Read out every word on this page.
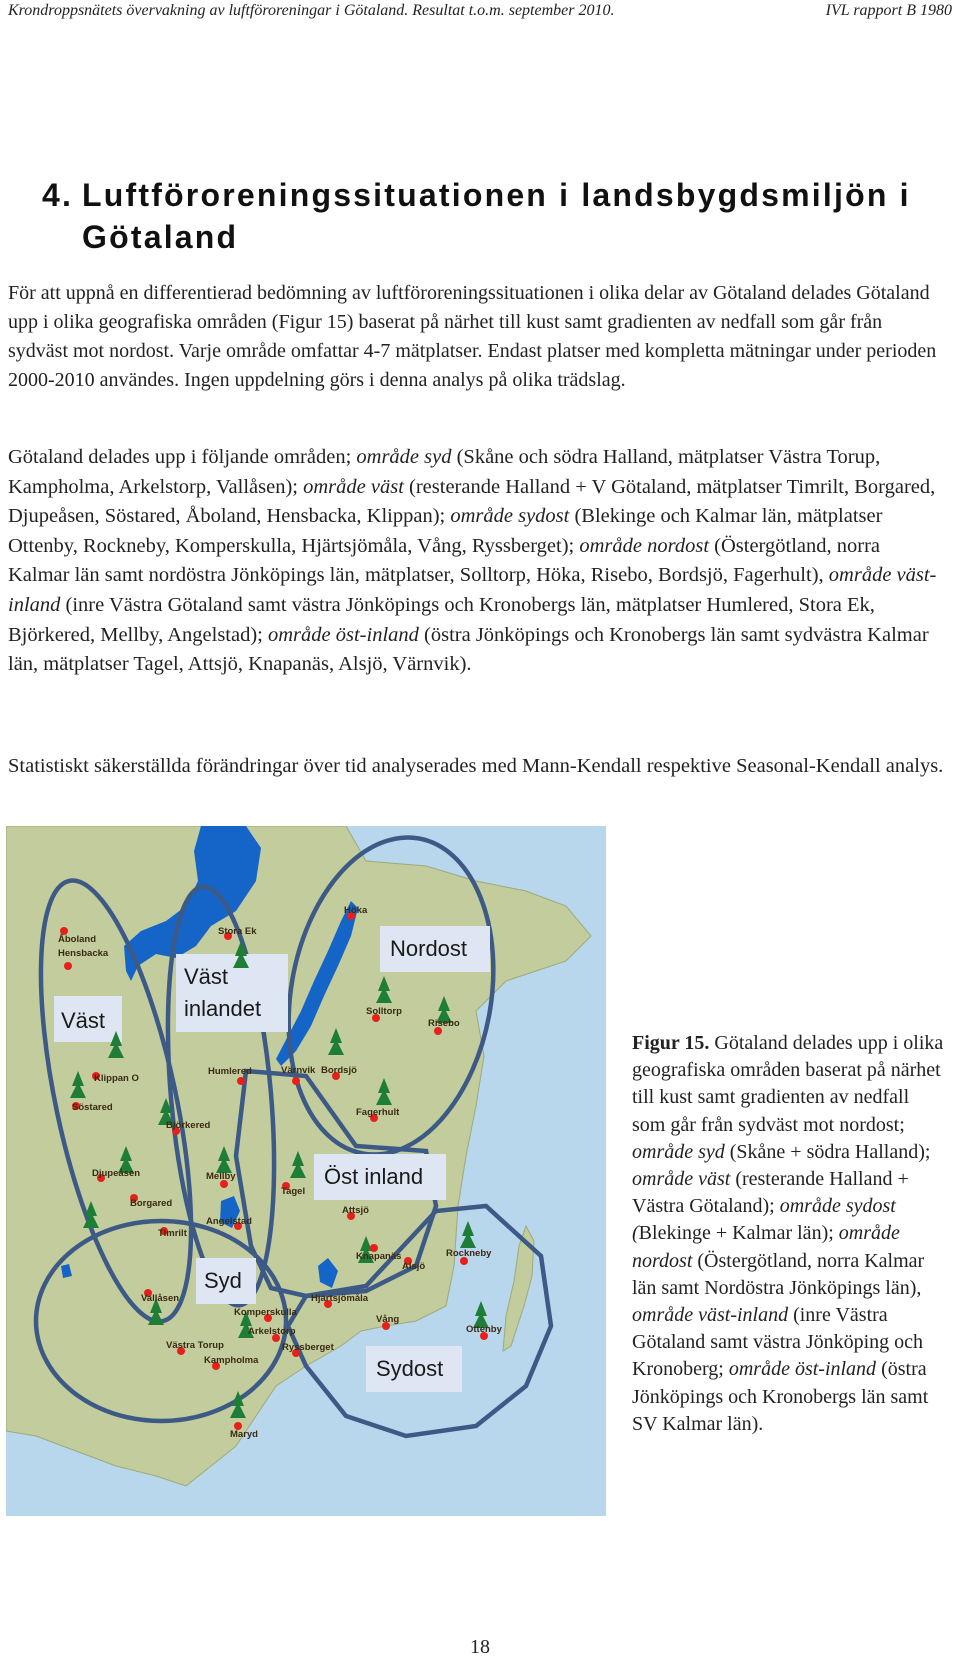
Krondroppsnätets övervakning av luftföroreningar i Götaland. Resultat t.o.m. september 2010.	IVL rapport B 1980
4. Luftföroreningssituationen i landsbygdsmiljön i Götaland

För att uppnå en differentierad bedömning av luftföroreningssituationen i olika delar av Götaland delades Götaland upp i olika geografiska områden (Figur 15) baserat på närhet till kust samt gradienten av nedfall som går från sydväst mot nordost. Varje område omfattar 4-7 mätplatser. Endast platser med kompletta mätningar under perioden 2000-2010 användes. Ingen uppdelning görs i denna analys på olika trädslag.

Götaland delades upp i följande områden; område syd (Skåne och södra Halland, mätplatser Västra Torup, Kampholma, Arkelstorp, Vallåsen); område väst (resterande Halland + V Götaland, mätplatser Timrilt, Borgared, Djupeåsen, Söstared, Åboland, Hensbacka, Klippan); område sydost (Blekinge och Kalmar län, mätplatser Ottenby, Rockneby, Komperskulla, Hjärtsjömåla, Vång, Ryssberget); område nordost (Östergötland, norra Kalmar län samt nordöstra Jönköpings län, mätplatser, Solltorp, Höka, Risebo, Bordsjö, Fagerhult), område väst-inland (inre Västra Götaland samt västra Jönköpings och Kronobergs län, mätplatser Humlered, Stora Ek, Björkered, Mellby, Angelstad); område öst-inland (östra Jönköpings och Kronobergs län samt sydvästra Kalmar län, mätplatser Tagel, Attsjö, Knapanäs, Alsjö, Värnvik).

Statistiskt säkerställda förändringar över tid analyserades med Mann-Kendall respektive Seasonal-Kendall analys.

Väst
Väst
inlandet
Nordost
Öst inland
Syd
Sydost
Åboland
Hensbacka
Stora Ek
Höka
Solltorp
Risebo
Klippan O
Söstared
Humlered	Värnvik Bordsjö
Fagerhult
Björkered
Djupeåsen
Borgared
Mellby
Tagel
Attsjö
Timrilt
Angelstad
Rockneby
Knapanäs
Alsjö
Vallåsen	Hjärtsjömåla
Komperskulla
Arkelstorp
Vång
Ottenby
Västra Torup	Ryssberget
Kampholma
Maryd

Figur 15. Götaland delades upp i olika geografiska områden baserat på närhet till kust samt gradienten av nedfall som går från sydväst mot nordost; område syd (Skåne + södra Halland); område väst (resterande Halland + Västra Götaland); område sydost (Blekinge + Kalmar län); område nordost (Östergötland, norra Kalmar län samt Nordöstra Jönköpings län), område väst-inland (inre Västra Götaland samt västra Jönköping och Kronoberg; område öst-inland (östra Jönköpings och Kronobergs län samt SV Kalmar län).

18
